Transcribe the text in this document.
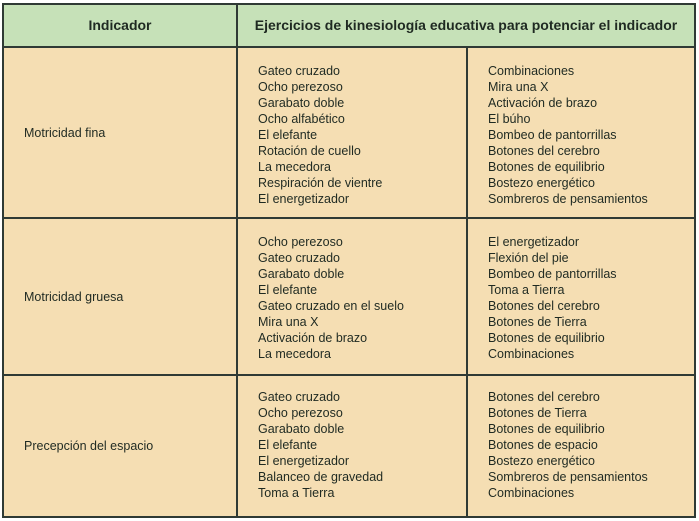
Indicador	Ejercicios de kinesiología educativa para potenciar el indicador
Motricidad fina
Gateo cruzado
Ocho perezoso
Garabato doble
Ocho alfabético
El elefante
Rotación de cuello
La mecedora
Respiración de vientre
El energetizador
Combinaciones
Mira una X
Activación de brazo
El búho
Bombeo de pantorrillas
Botones del cerebro
Botones de equilibrio
Bostezo energético
Sombreros de pensamientos
Motricidad gruesa
Ocho perezoso
Gateo cruzado
Garabato doble
El elefante
Gateo cruzado en el suelo
Mira una X
Activación de brazo
La mecedora
El energetizador
Flexión del pie
Bombeo de pantorrillas
Toma a Tierra
Botones del cerebro
Botones de Tierra
Botones de equilibrio
Combinaciones
Precepción del espacio
Gateo cruzado
Ocho perezoso
Garabato doble
El elefante
El energetizador
Balanceo de gravedad
Toma a Tierra
Botones del cerebro
Botones de Tierra
Botones de equilibrio
Botones de espacio
Bostezo energético
Sombreros de pensamientos
Combinaciones
